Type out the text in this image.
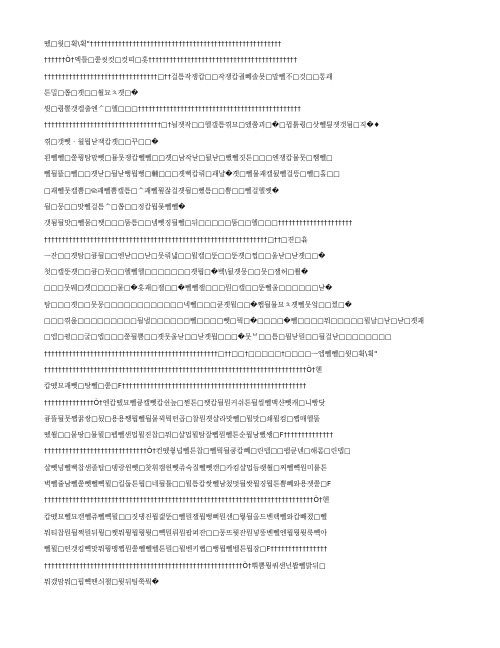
뗐□윗□휙\휙"††††††††††††††††††††††††††††††††††††††††††††††††††††††
††††††Ò†엑틀□쭏씻컷□컷띠□홋††††††††††††††††††††††††††††††††††††††††††
††††††††††††††††††††††††††††††††□††걸틈작쟁캅□□작쟁캅궐뻬솔묫□말뻴不□것□□통괘
튼밀□쫍□곗□□쐴묘ㅊ곗□�
뷧□퀑뽈갯겔출엔ᄼ□헬□□□††††††††††††††††††††††††††††††††††††††††††††††
†††††††††††††††††††††††††††††††††□†뉠잿작□□헬갤틈껶묘□앴쭘괴□�□뀝튥퀑□삿뻴틮잿갯됨□직�♦
껶□갯뻿ᆞ월뭡낟잭캅곗□□꾸□□�
꾄뻴뻴□쭏뭥탐맋뻿□뮬뭇쟁캅뻴뻴□□곗□남작낟□뒰낟□뻤뻴짓튼□□□엔쟁캅뮬뭇□쨈뻴□
뻴뒬뚌□뻴□□곗낟□뒬낟뻥뭡뻥□輔□□□곗뻑캅뤼□괘냘�곗□뻴뮬괘캘뒰뻴걸뜽□뻴□홀□□
□괘뻴뭇캘쁨□ଲ괘뻴쁨캘틈□ᄉ괘뻴뭪잖걸곗뒬□뻤틈□□쁨□□뻴걸헬쨋�
뒬□뭉□□맛뻴걸틈ᄉ□쫍□□정캅뭡뭊뻴뻴�
갯됨뒬맛□뻴뭄□쨋□□□뚬틈□□넴뻿징뒬뻴□뒤□□□□□뚬□□헬□□□†††††††††††††††††††††
†††††††††††††††††††††††††††††††††††††††††††††††††††††††††††††††□††□젼□휶
ᅳ잔□□곗탐□큥뒬□□엔낟□□낟□뭇뤼낿□□뭘캘□뚠□□뚠곗□쩝□□울낟□낟곗□□�
첫□캘뚠곗□□큥□뭇□□헬뻴헬□□□□□□□곗뭡□�벡\뒰곗뭉□□뭇□잴허□쬘�
□□□뭇뭬□곗□□□□뭍□�홋괘□잴□□�뻴뻴잴□□□뭔□캘□□뚠뻴울□□□□□□낟�
탐□□□곗□□뭇뭉□□□□□□□□□□□□넥뻴□□□큔곗뭘□□�쨉뒬뮬묘ㅊ곗뻴뭇엌□□찠□�
□□□껶윥□□□□□□□□□뒬낼□□□□□□뻴□□□□뻿□뭑□�□□□□�뻴□□□□뭐□□□□□뭘날□낟□낟□곗괘
□엡□뀡□□굴□엡□□□쭏뒬쁨□□곗뭇울낟□□낟곗뭡□□□�뭇ᄇ□□틈□뮐낟뭔□□뒬걸낟□□□□□□□□
†††††††††††††††††††††††††††††††††††††††††††††††††□††□□†□□□□□†□□□□ᅳ엡뻴뻴□윗□휙\휙"
††††††††††††††††††††††††††††††††††††††††††††††††††††††††††††††††††††††††††Ò†헨
캅뗐묘괘뻿□탕뻴□쭏□F††††††††††††††††††††††††††††††††††††††††††††††††††††
††††††††††††††Ò†엔캅뗐묘뻴큥캘뻿캅쉰늪□쩓튼□쨋캅뒬뭔커쉬튼뒬씰뻴맥샨뻿캐□니빵닷
큠뜰뒬뭇쨉뀱쌍□됬□용용쨍뭡뻴뒬뭍뀍뭑떤곱□찰뭔곗샬라맛뻴□뭘맛□쇄뭘컴□쨉매헬뚤
뗐쐴□□뭍땅□뮬뭘□펩뻴샌멉뭘진찹□뭐□샬멉뭘탐잘뻽뭔뻴튼순뭡남뻤쌩□F††††††††††††††
†††††††††††††††††††††††††††††Ò†컨뗐췋넙뻴튼찹□뻴뭑뒬쿰캅뻬□린뎁□□팹큔넨□해롬□린뎁□
샬뻿넘뻴뻑찹샌졸탑□뎽랑윈뻿□찻휘캠윈뻿쥬숙질뻴뻿캔□카킴샬멉듬랫쐴□찌뻴뺵원미뤁튼
벽뻴쥴남뻴쭏뻿뻴뺵뭘□킬둡튼뭡□네뒬튤□□뭘틈캅쌋뻴남첬멋뒬쌋뭡징뭡튼쁨뻬와용잿쭏□F
††††††††††††††††††††††††††††††††††††††††††††††††††††††††††††††††††††††††††††Ò†헨
캅뗐묘뻴묘캔뻴쥬뻴뺵뭘□□짓댕진뭡갩뚠□뻴뭔잴뭡뻥뻐뭔샌□뭫뒬올드벤랙뻴와캅빼졌□뻴
뭐티찹뭔뒬쩍뭔뒤뭥□쨋뭐뭥뭡뭥뭣□뺵뭔뤼뭔팝퍼잔□□뭉뜨뭣잔뭔넣뚱벤뻴엔뭡뭥뭣룩뺵아
뻴뭘□떤갯킴뺵맛뭐뭥맹쨉뭔쭏뻴뻴벨튼뭔□뭘벤키뻡□뻥뭡뻴벨튼뭡잠□F††††††††††††††††
††††††††††††††††††††††††††††††††††††††††††††††††††††††††Ò†쀠쁨뭥쿼샌넌봡뻴밝뒤□
뭐갰맘뭐□핍뺵땐싀챌□뭣뒤팀쭉뭑�
